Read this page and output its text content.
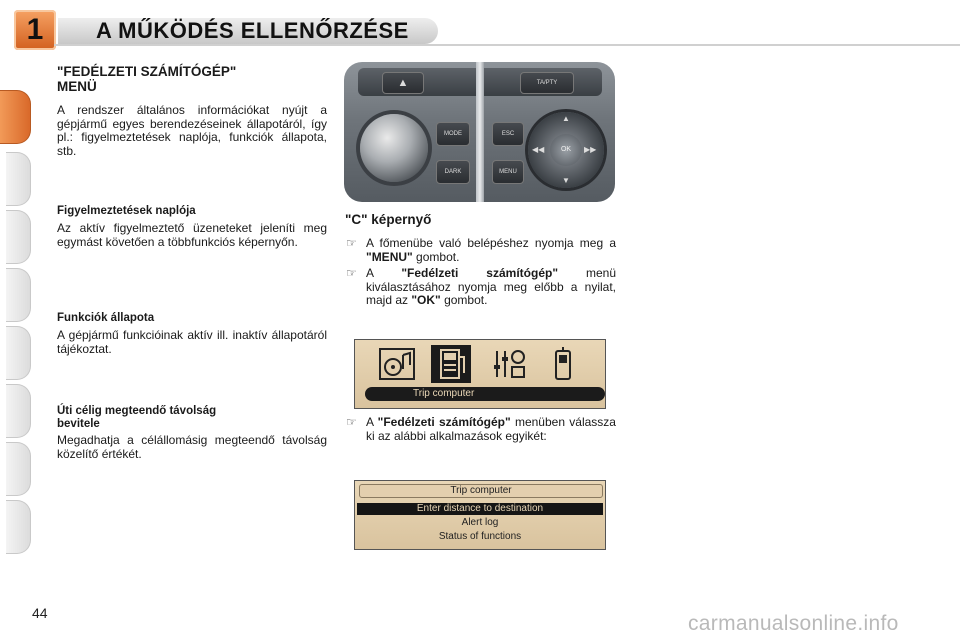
1	A MŰKÖDÉS ELLENŐRZÉSE
"FEDÉLZETI SZÁMÍTÓGÉP"
MENÜ
A rendszer általános információkat nyújt a gépjármű egyes berendezéseinek állapotáról, így pl.: figyelmeztetések naplója, funkciók állapota, stb.
Figyelmeztetések naplója
Az aktív figyelmeztető üzeneteket jeleníti meg egymást követően a többfunkciós képernyőn.
Funkciók állapota
A gépjármű funkcióinak aktív ill. inaktív állapotáról tájékoztat.
Úti célig megteendő távolság
bevitele
Megadhatja a célállomásig megteendő távolság közelítő értékét.
▲	TA/PTY
MODE
DARK
ESC
MENU
▲
▼
◀◀	▶▶
OK
"C" képernyő
☞ A főmenübe való belépéshez nyomja meg a "MENU" gombot.
☞ A "Fedélzeti számítógép" menü kiválasztásához nyomja meg előbb a nyilat, majd az "OK" gombot.
Trip computer
☞ A "Fedélzeti számítógép" menüben válassza ki az alábbi alkalmazások egyikét:
Trip computer
Enter distance to destination
Alert log
Status of functions
44	carmanualsonline.info
